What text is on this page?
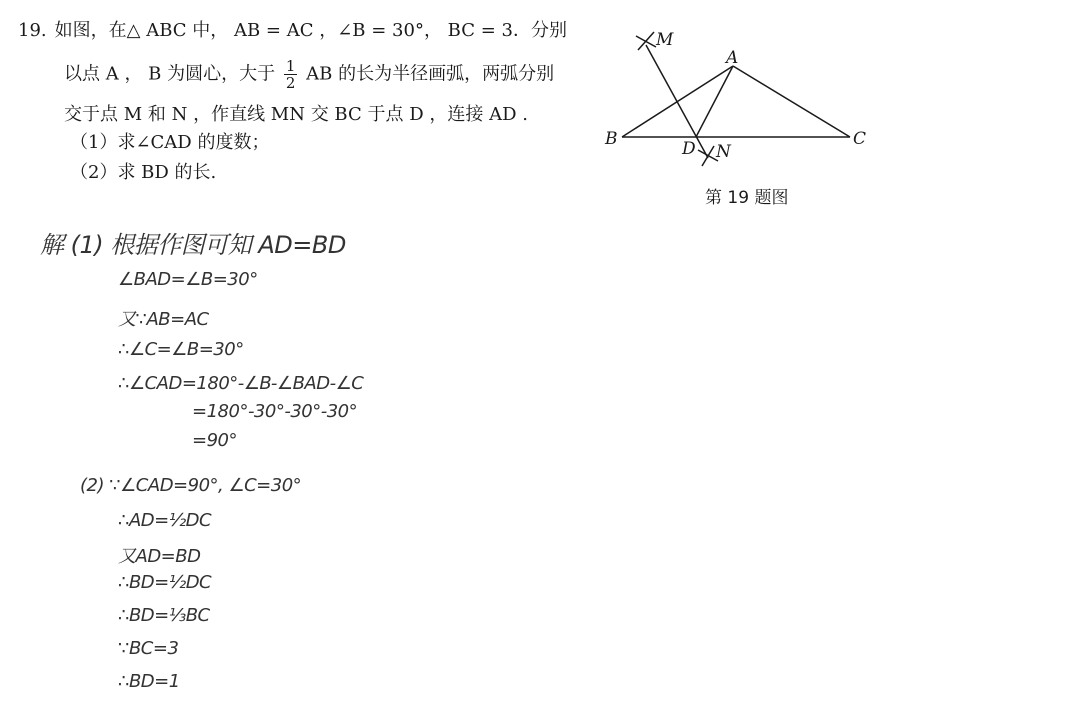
19. 如图，在△ ABC 中， AB = AC ，∠B = 30°， BC = 3．分别
以点 A ， B 为圆心，大于 $\frac{1}{2}$ AB 的长为半径画弧，两弧分别
交于点 M 和 N ，作直线 MN 交 BC 于点 D ，连接 AD .
（1）求∠CAD 的度数；
（2）求 BD 的长.
M
A
B	C
D N
第 19 题图
解 (1) 根据作图可知 AD=BD
∠BAD=∠B=30°
又∵AB=AC
∴∠C=∠B=30°
∴∠CAD=180°-∠B-∠BAD-∠C
=180°-30°-30°-30°
=90°
(2) ∵∠CAD=90°, ∠C=30°
∴AD=½DC
又AD=BD
∴BD=½DC
∴BD=⅓BC
∵BC=3
∴BD=1
